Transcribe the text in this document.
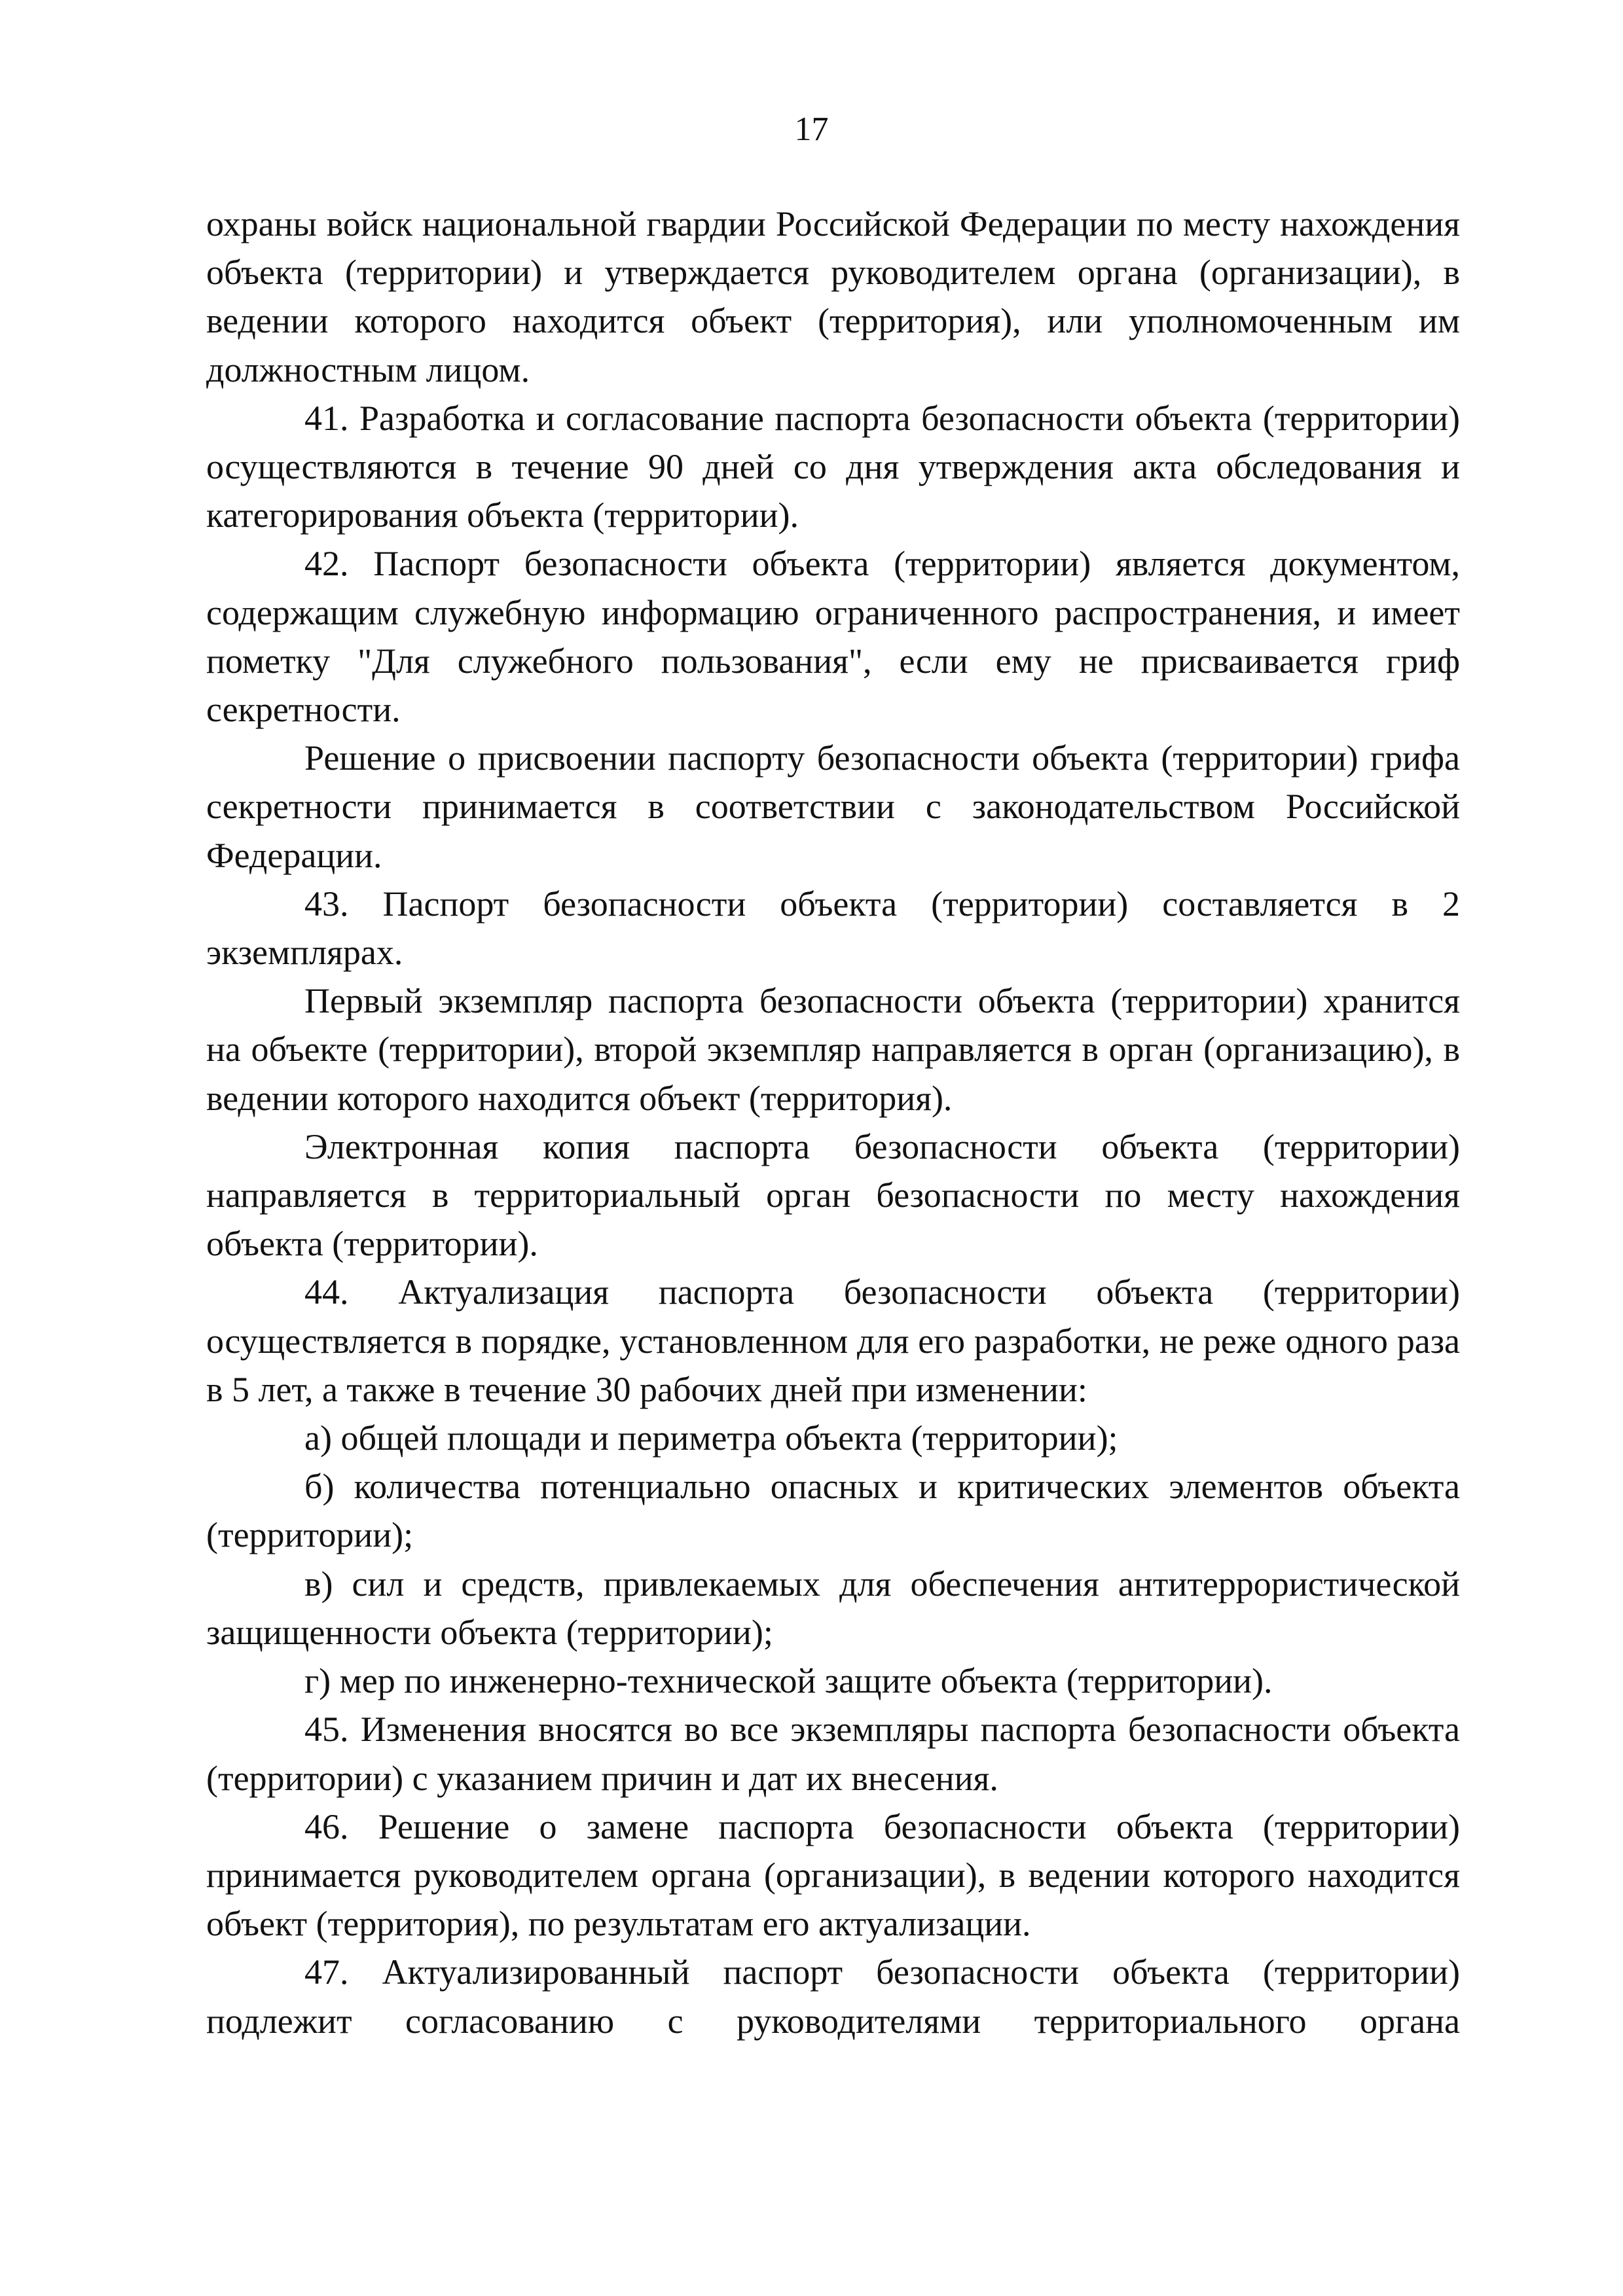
17

охраны войск национальной гвардии Российской Федерации по месту нахождения объекта (территории) и утверждается руководителем органа (организации), в ведении которого находится объект (территория), или уполномоченным им должностным лицом.

41. Разработка и согласование паспорта безопасности объекта (территории) осуществляются в течение 90 дней со дня утверждения акта обследования и категорирования объекта (территории).

42. Паспорт безопасности объекта (территории) является документом, содержащим служебную информацию ограниченного распространения, и имеет пометку "Для служебного пользования", если ему не присваивается гриф секретности.

Решение о присвоении паспорту безопасности объекта (территории) грифа секретности принимается в соответствии с законодательством Российской Федерации.

43. Паспорт безопасности объекта (территории) составляется в 2 экземплярах.

Первый экземпляр паспорта безопасности объекта (территории) хранится на объекте (территории), второй экземпляр направляется в орган (организацию), в ведении которого находится объект (территория).

Электронная копия паспорта безопасности объекта (территории) направляется в территориальный орган безопасности по месту нахождения объекта (территории).

44. Актуализация паспорта безопасности объекта (территории) осуществляется в порядке, установленном для его разработки, не реже одного раза в 5 лет, а также в течение 30 рабочих дней при изменении:

а) общей площади и периметра объекта (территории);

б) количества потенциально опасных и критических элементов объекта (территории);

в) сил и средств, привлекаемых для обеспечения антитеррористической защищенности объекта (территории);

г) мер по инженерно-технической защите объекта (территории).

45. Изменения вносятся во все экземпляры паспорта безопасности объекта (территории) с указанием причин и дат их внесения.

46. Решение о замене паспорта безопасности объекта (территории) принимается руководителем органа (организации), в ведении которого находится объект (территория), по результатам его актуализации.

47. Актуализированный паспорт безопасности объекта (территории) подлежит согласованию с руководителями территориального органа
